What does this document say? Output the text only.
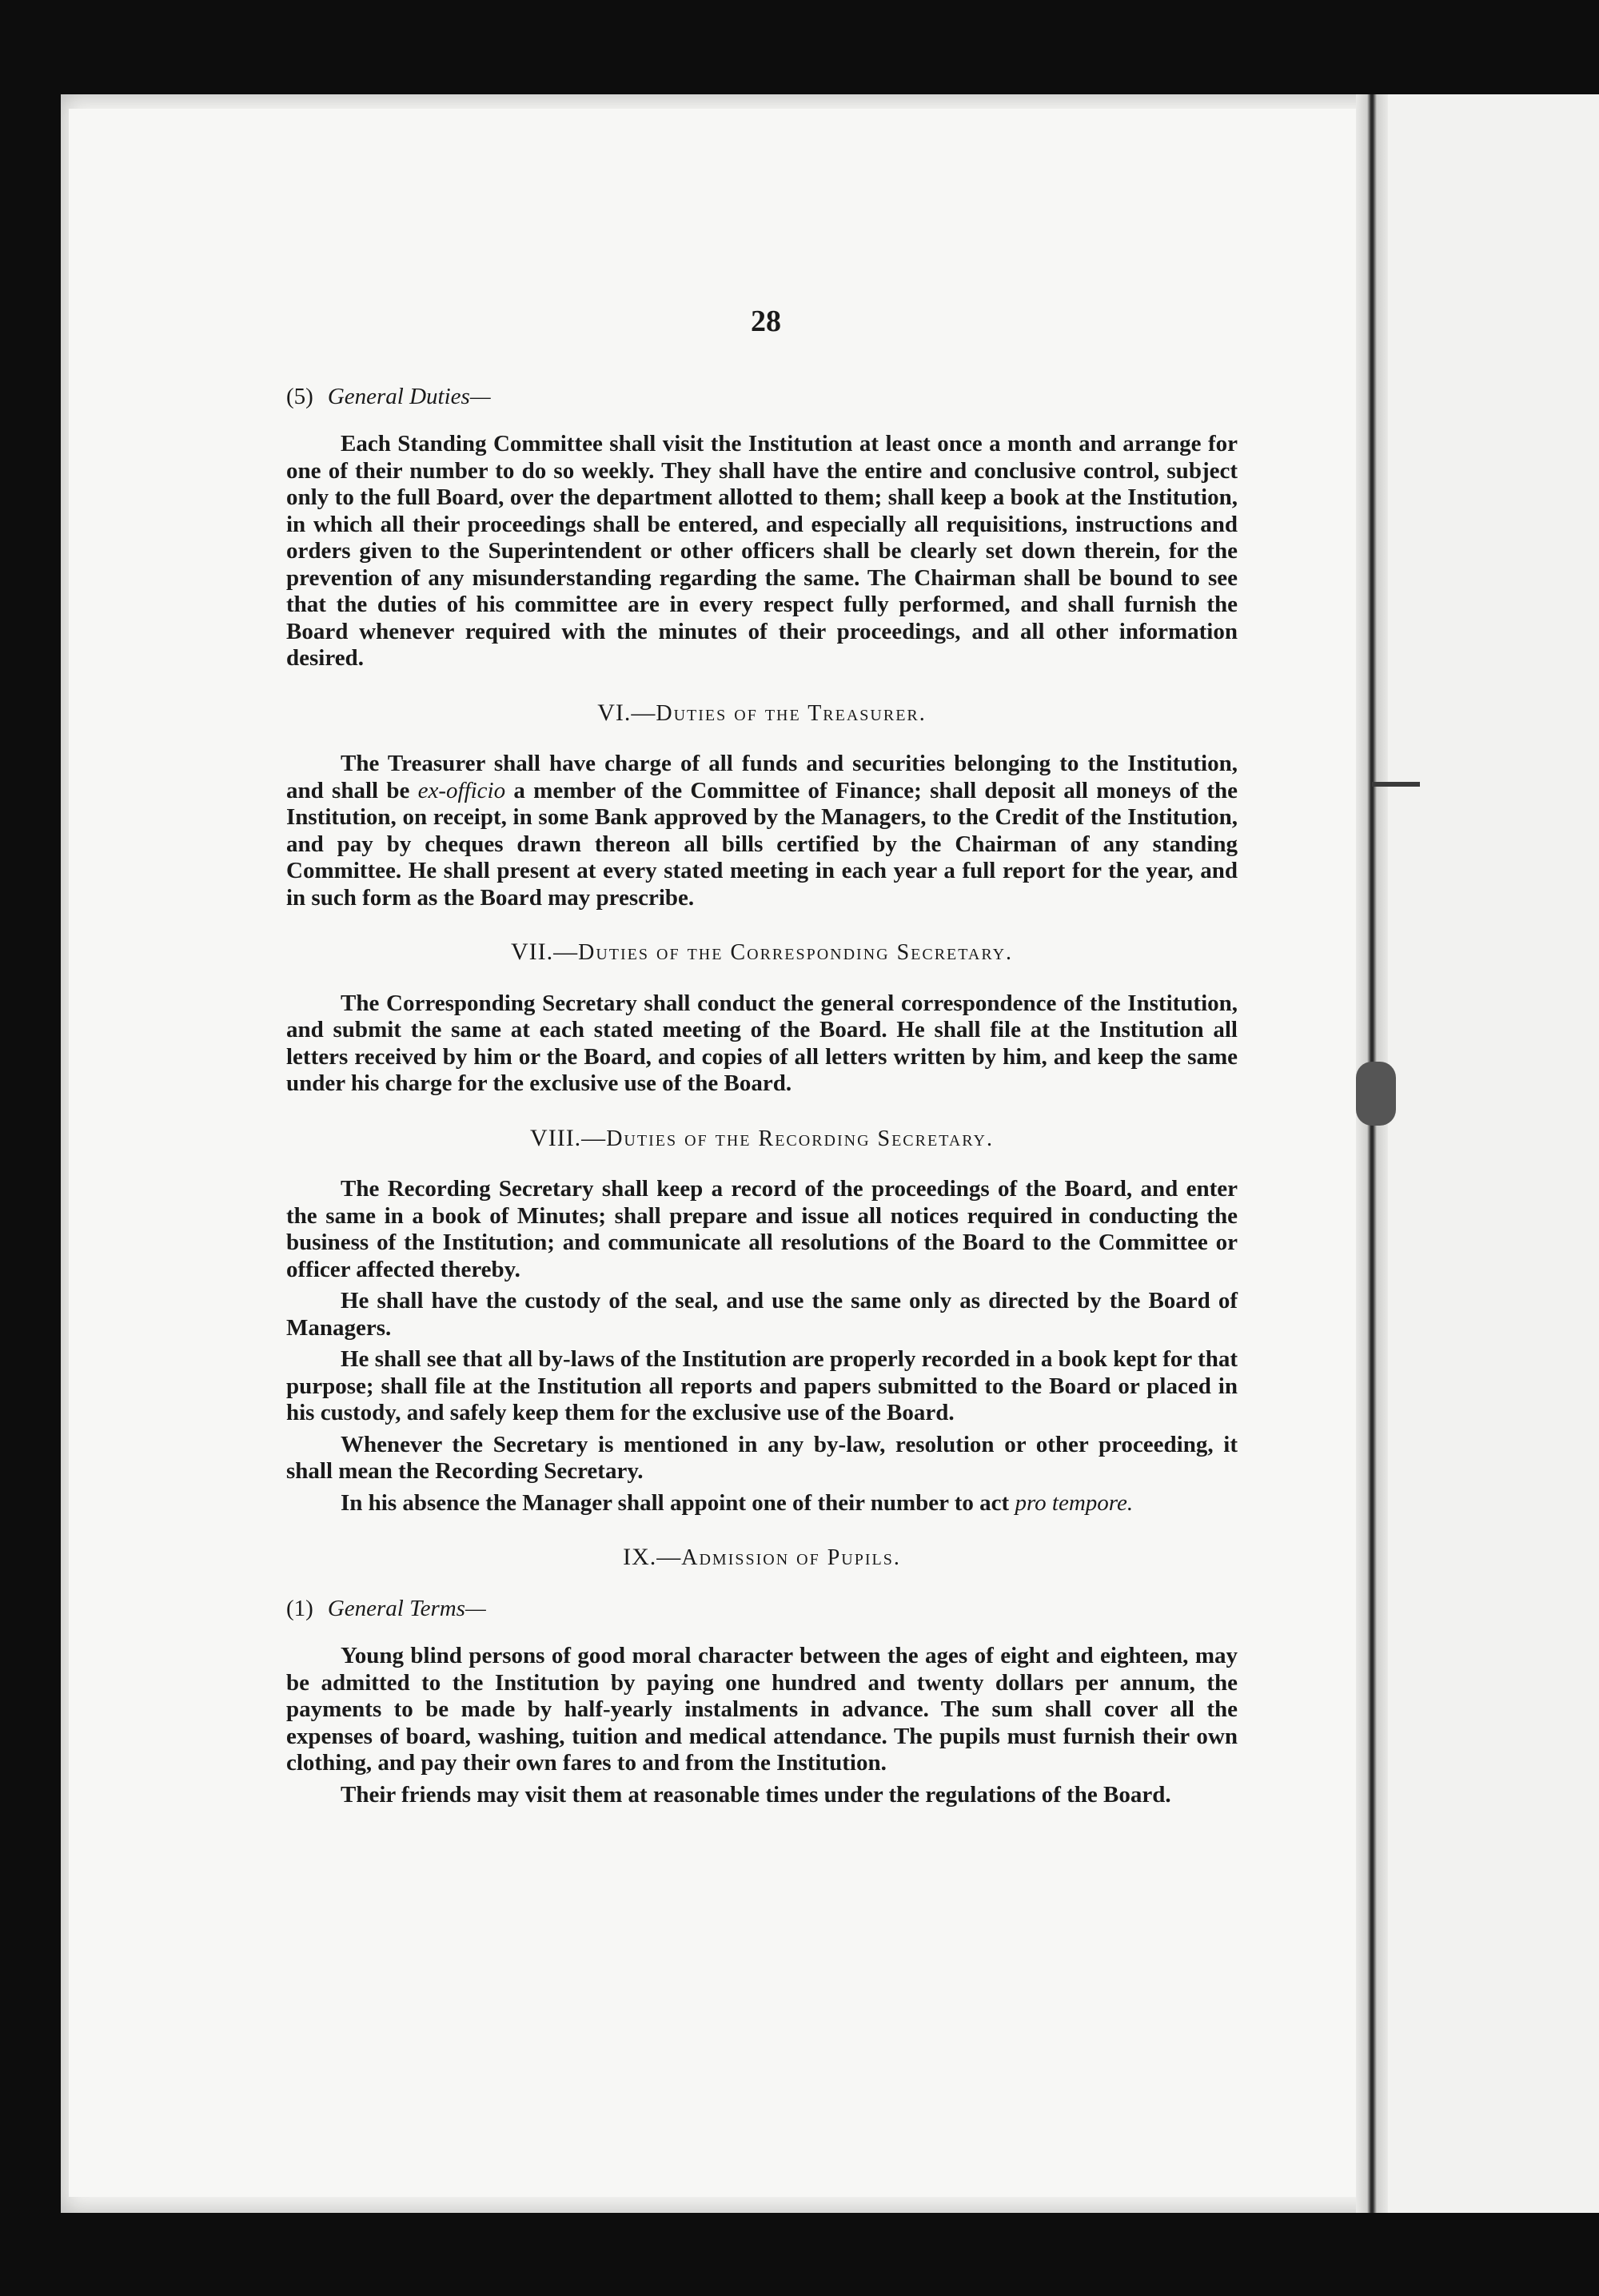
28
(5) General Duties—

Each Standing Committee shall visit the Institution at least once a month and arrange for one of their number to do so weekly. They shall have the entire and conclusive control, subject only to the full Board, over the department allotted to them; shall keep a book at the Institution, in which all their proceedings shall be entered, and especially all requisitions, instructions and orders given to the Superintendent or other officers shall be clearly set down therein, for the prevention of any misunderstanding regarding the same. The Chairman shall be bound to see that the duties of his committee are in every respect fully performed, and shall furnish the Board whenever required with the minutes of their proceedings, and all other information desired.

VI.—Duties of the Treasurer.

The Treasurer shall have charge of all funds and securities belonging to the Institution, and shall be ex-officio a member of the Committee of Finance; shall deposit all moneys of the Institution, on receipt, in some Bank approved by the Managers, to the Credit of the Institution, and pay by cheques drawn thereon all bills certified by the Chairman of any standing Committee. He shall present at every stated meeting in each year a full report for the year, and in such form as the Board may prescribe.

VII.—Duties of the Corresponding Secretary.

The Corresponding Secretary shall conduct the general correspondence of the Institution, and submit the same at each stated meeting of the Board. He shall file at the Institution all letters received by him or the Board, and copies of all letters written by him, and keep the same under his charge for the exclusive use of the Board.

VIII.—Duties of the Recording Secretary.

The Recording Secretary shall keep a record of the proceedings of the Board, and enter the same in a book of Minutes; shall prepare and issue all notices required in conducting the business of the Institution; and communicate all resolutions of the Board to the Committee or officer affected thereby.

He shall have the custody of the seal, and use the same only as directed by the Board of Managers.

He shall see that all by-laws of the Institution are properly recorded in a book kept for that purpose; shall file at the Institution all reports and papers submitted to the Board or placed in his custody, and safely keep them for the exclusive use of the Board.

Whenever the Secretary is mentioned in any by-law, resolution or other proceeding, it shall mean the Recording Secretary.

In his absence the Manager shall appoint one of their number to act pro tempore.

IX.—Admission of Pupils.
(1) General Terms—

Young blind persons of good moral character between the ages of eight and eighteen, may be admitted to the Institution by paying one hundred and twenty dollars per annum, the payments to be made by half-yearly instalments in advance. The sum shall cover all the expenses of board, washing, tuition and medical attendance. The pupils must furnish their own clothing, and pay their own fares to and from the Institution.

Their friends may visit them at reasonable times under the regulations of the Board.
